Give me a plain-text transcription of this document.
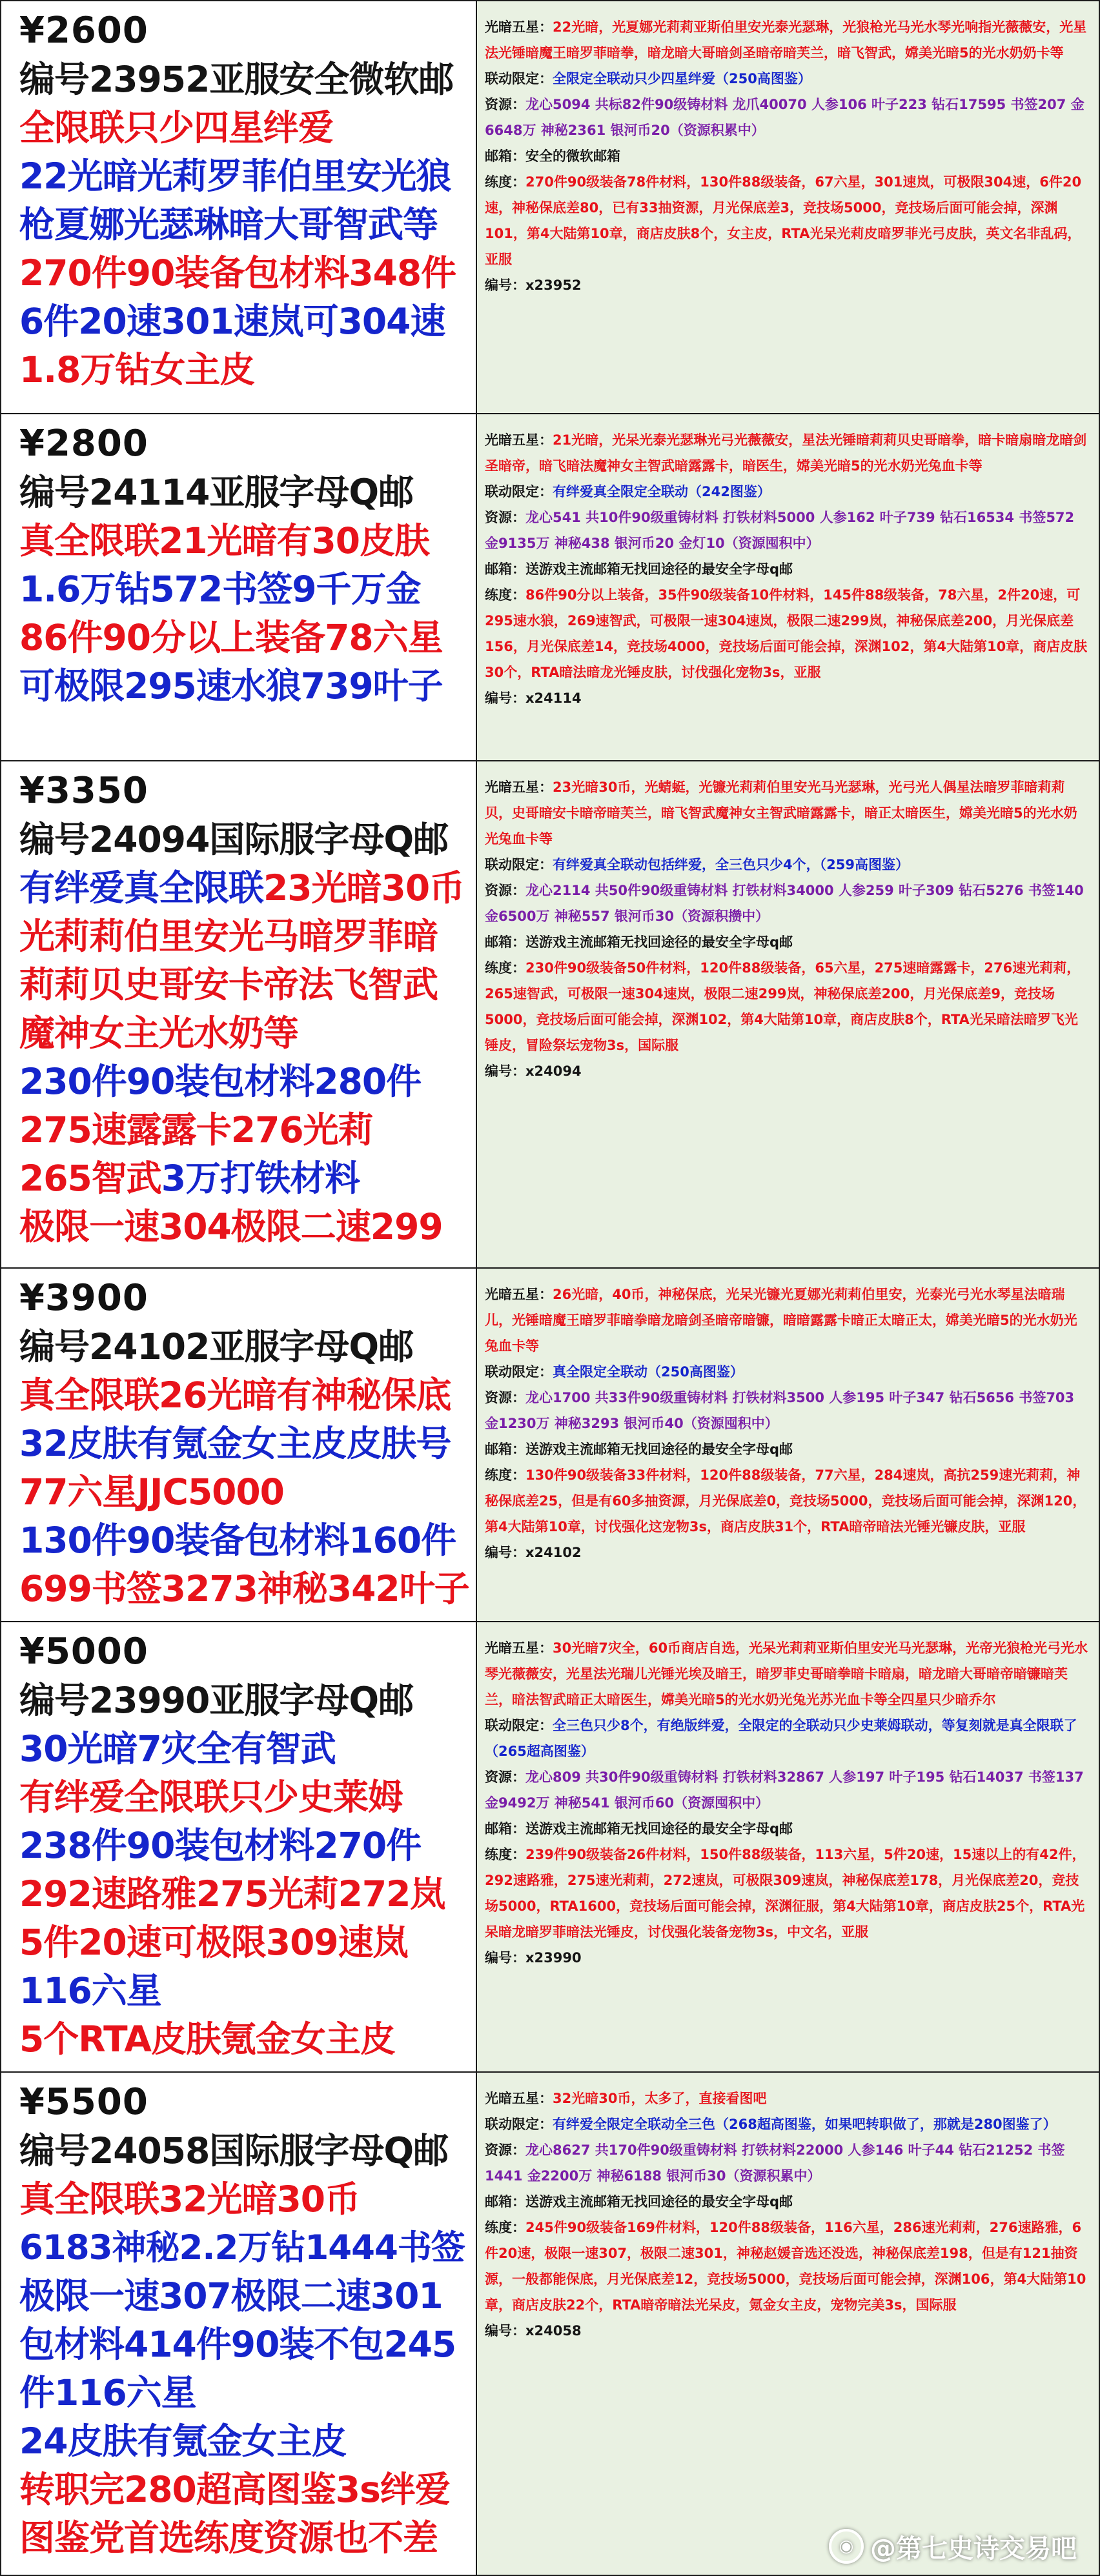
¥2600
编号23952亚服安全微软邮
全限联只少四星绊爱
22光暗光莉罗菲伯里安光狼
枪夏娜光瑟琳暗大哥智武等
270件90装备包材料348件
6件20速301速岚可304速
1.8万钻女主皮
光暗五星：22光暗，光夏娜光莉莉亚斯伯里安光泰光瑟琳，光狼枪光马光水琴光响指光薇薇安，光星法光锤暗魔王暗罗菲暗拳，暗龙暗大哥暗剑圣暗帝暗芙兰，暗飞智武，嫦美光暗5的光水奶奶卡等
联动限定：全限定全联动只少四星绊爱（250高图鉴）
资源：龙心5094 共标82件90级铸材料 龙爪40070 人参106 叶子223 钻石17595 书签207 金6648万 神秘2361 银河币20（资源积累中）
邮箱：安全的微软邮箱
练度：270件90级装备78件材料，130件88级装备，67六星，301速岚，可极限304速，6件20速，神秘保底差80，已有33抽资源，月光保底差3，竞技场5000，竞技场后面可能会掉，深渊101，第4大陆第10章，商店皮肤8个，女主皮，RTA光呆光莉皮暗罗菲光弓皮肤，英文名非乱码，亚服
编号：x23952
¥2800
编号24114亚服字母Q邮
真全限联21光暗有30皮肤
1.6万钻572书签9千万金
86件90分以上装备78六星
可极限295速水狼739叶子
光暗五星：21光暗，光呆光泰光瑟琳光弓光薇薇安，星法光锤暗莉莉贝史哥暗拳，暗卡暗扇暗龙暗剑圣暗帝，暗飞暗法魔神女主智武暗露露卡，暗医生，嫦美光暗5的光水奶光兔血卡等
联动限定：有绊爱真全限定全联动（242图鉴）
资源：龙心541 共10件90级重铸材料 打铁材料5000 人参162 叶子739 钻石16534 书签572 金9135万 神秘438 银河币20 金灯10（资源囤积中）
邮箱：送游戏主流邮箱无找回途径的最安全字母q邮
练度：86件90分以上装备，35件90级装备10件材料，145件88级装备，78六星，2件20速，可295速水狼，269速智武，可极限一速304速岚，极限二速299岚，神秘保底差200，月光保底差156，月光保底差14，竞技场4000，竞技场后面可能会掉，深渊102，第4大陆第10章，商店皮肤30个，RTA暗法暗龙光锤皮肤，讨伐强化宠物3s，亚服
编号：x24114
¥3350
编号24094国际服字母Q邮
有绊爱真全限联23光暗30币
光莉莉伯里安光马暗罗菲暗
莉莉贝史哥安卡帝法飞智武
魔神女主光水奶等
230件90装包材料280件
275速露露卡276光莉
265智武3万打铁材料
极限一速304极限二速299
光暗五星：23光暗30币，光蜻蜓，光镰光莉莉伯里安光马光瑟琳，光弓光人偶星法暗罗菲暗莉莉贝，史哥暗安卡暗帝暗芙兰，暗飞智武魔神女主智武暗露露卡，暗正太暗医生，嫦美光暗5的光水奶光兔血卡等
联动限定：有绊爱真全联动包括绊爱，全三色只少4个，（259高图鉴）
资源：龙心2114 共50件90级重铸材料 打铁材料34000 人参259 叶子309 钻石5276 书签140 金6500万 神秘557 银河币30（资源积攒中）
邮箱：送游戏主流邮箱无找回途径的最安全字母q邮
练度：230件90级装备50件材料，120件88级装备，65六星，275速暗露露卡，276速光莉莉，265速智武，可极限一速304速岚，极限二速299岚，神秘保底差200，月光保底差9，竞技场5000，竞技场后面可能会掉，深渊102，第4大陆第10章，商店皮肤8个，RTA光呆暗法暗罗飞光锤皮，冒险祭坛宠物3s，国际服
编号：x24094
¥3900
编号24102亚服字母Q邮
真全限联26光暗有神秘保底
32皮肤有氪金女主皮皮肤号
77六星JJC5000
130件90装备包材料160件
699书签3273神秘342叶子
光暗五星：26光暗，40币，神秘保底，光呆光镰光夏娜光莉莉伯里安，光泰光弓光水琴星法暗瑞儿，光锤暗魔王暗罗菲暗拳暗龙暗剑圣暗帝暗镰，暗暗露露卡暗正太暗正太，嫦美光暗5的光水奶光兔血卡等
联动限定：真全限定全联动（250高图鉴）
资源：龙心1700 共33件90级重铸材料 打铁材料3500 人参195 叶子347 钻石5656 书签703 金1230万 神秘3293 银河币40（资源囤积中）
邮箱：送游戏主流邮箱无找回途径的最安全字母q邮
练度：130件90级装备33件材料，120件88级装备，77六星，284速岚，高抗259速光莉莉，神秘保底差25，但是有60多抽资源，月光保底差0，竞技场5000，竞技场后面可能会掉，深渊120，第4大陆第10章，讨伐强化这宠物3s，商店皮肤31个，RTA暗帝暗法光锤光镰皮肤，亚服
编号：x24102
¥5000
编号23990亚服字母Q邮
30光暗7灾全有智武
有绊爱全限联只少史莱姆
238件90装包材料270件
292速路雅275光莉272岚
5件20速可极限309速岚
116六星
5个RTA皮肤氪金女主皮
光暗五星：30光暗7灾全，60币商店自选，光呆光莉莉亚斯伯里安光马光瑟琳，光帝光狼枪光弓光水琴光薇薇安，光星法光瑞儿光锤光埃及暗王，暗罗菲史哥暗拳暗卡暗扇，暗龙暗大哥暗帝暗镰暗芙兰，暗法智武暗正太暗医生，嫦美光暗5的光水奶光兔光苏光血卡等全四星只少暗乔尔
联动限定：全三色只少8个，有绝版绊爱，全限定的全联动只少史莱姆联动，等复刻就是真全限联了（265超高图鉴）
资源：龙心809 共30件90级重铸材料 打铁材料32867 人参197 叶子195 钻石14037 书签137 金9492万 神秘541 银河币60（资源囤积中）
邮箱：送游戏主流邮箱无找回途径的最安全字母q邮
练度：239件90级装备26件材料，150件88级装备，113六星，5件20速，15速以上的有42件，292速路雅，275速光莉莉，272速岚，可极限309速岚，神秘保底差178，月光保底差20，竞技场5000，RTA1600，竞技场后面可能会掉，深渊征服，第4大陆第10章，商店皮肤25个，RTA光呆暗龙暗罗菲暗法光锤皮，讨伐强化装备宠物3s，中文名，亚服
编号：x23990
¥5500
编号24058国际服字母Q邮
真全限联32光暗30币
6183神秘2.2万钻1444书签
极限一速307极限二速301
包材料414件90装不包245
件116六星
24皮肤有氪金女主皮
转职完280超高图鉴3s绊爱
图鉴党首选练度资源也不差
光暗五星：32光暗30币，太多了，直接看图吧
联动限定：有绊爱全限定全联动全三色（268超高图鉴，如果吧转职做了，那就是280图鉴了）
资源：龙心8627 共170件90级重铸材料 打铁材料22000 人参146 叶子44 钻石21252 书签1441 金2200万 神秘6188 银河币30（资源积累中）
邮箱：送游戏主流邮箱无找回途径的最安全字母q邮
练度：245件90级装备169件材料，120件88级装备，116六星，286速光莉莉，276速路雅，6件20速，极限一速307，极限二速301，神秘赵媛音选还没选，神秘保底差198，但是有121抽资源，一般都能保底，月光保底差12，竞技场5000，竞技场后面可能会掉，深渊106，第4大陆第10章，商店皮肤22个，RTA暗帝暗法光呆皮，氪金女主皮，宠物完美3s，国际服
编号：x24058
◉ @第七史诗交易吧
